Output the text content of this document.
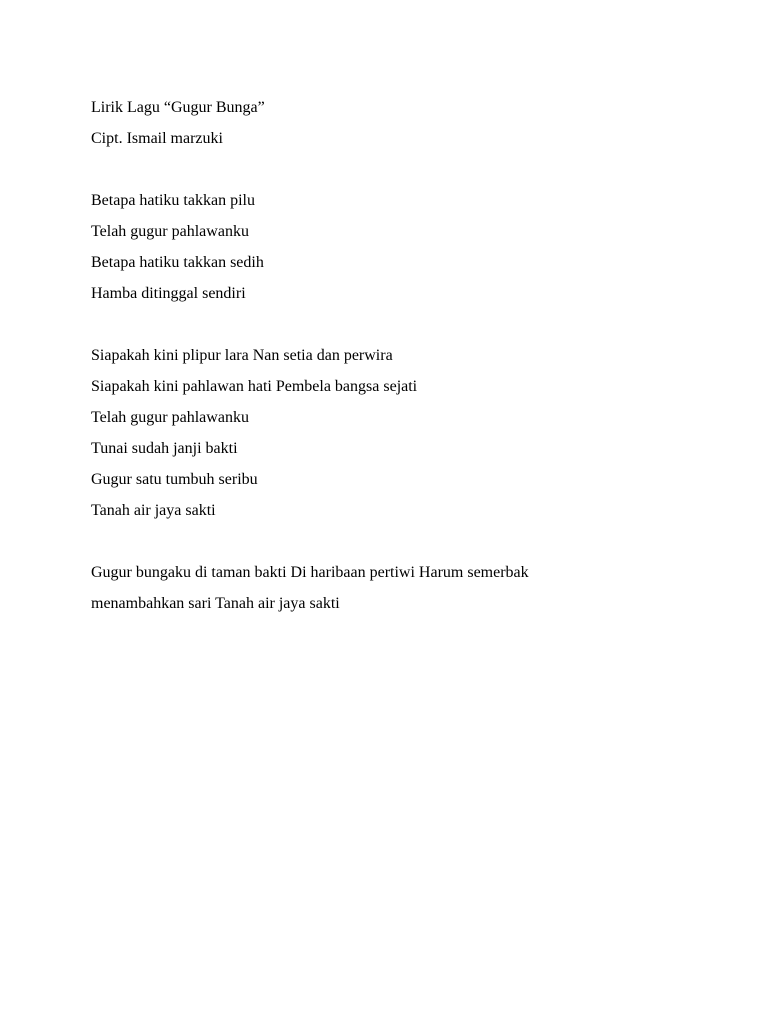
Lirik Lagu “Gugur Bunga”
Cipt. Ismail marzuki
Betapa hatiku takkan pilu
Telah gugur pahlawanku
Betapa hatiku takkan sedih
Hamba ditinggal sendiri
Siapakah kini plipur lara Nan setia dan perwira
Siapakah kini pahlawan hati Pembela bangsa sejati
Telah gugur pahlawanku
Tunai sudah janji bakti
Gugur satu tumbuh seribu
Tanah air jaya sakti
Gugur bungaku di taman bakti Di haribaan pertiwi Harum semerbak
menambahkan sari Tanah air jaya sakti
